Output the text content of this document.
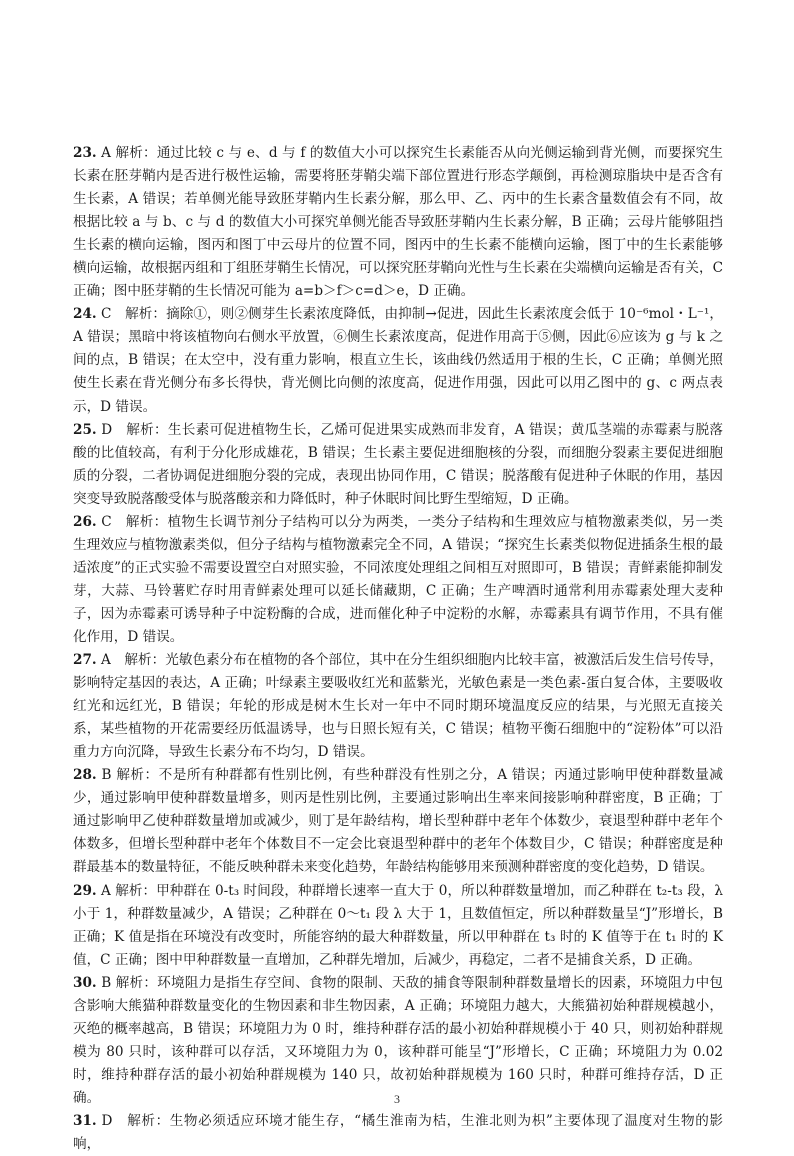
23. A 解析：通过比较 c 与 e、d 与 f 的数值大小可以探究生长素能否从向光侧运输到背光侧，而要探究生长素在胚芽鞘内是否进行极性运输，需要将胚芽鞘尖端下部位置进行形态学颠倒，再检测琼脂块中是否含有生长素，A 错误；若单侧光能导致胚芽鞘内生长素分解，那么甲、乙、丙中的生长素含量数值会有不同，故根据比较 a 与 b、c 与 d 的数值大小可探究单侧光能否导致胚芽鞘内生长素分解，B 正确；云母片能够阻挡生长素的横向运输，图丙和图丁中云母片的位置不同，图丙中的生长素不能横向运输，图丁中的生长素能够横向运输，故根据丙组和丁组胚芽鞘生长情况，可以探究胚芽鞘向光性与生长素在尖端横向运输是否有关，C 正确；图中胚芽鞘的生长情况可能为 a=b＞f＞c=d＞e，D 正确。

24. C　解析：摘除①，则②侧芽生长素浓度降低，由抑制→促进，因此生长素浓度会低于 10⁻⁶mol・L⁻¹，A 错误；黑暗中将该植物向右侧水平放置，⑥侧生长素浓度高，促进作用高于⑤侧，因此⑥应该为 g 与 k 之间的点，B 错误；在太空中，没有重力影响，根直立生长，该曲线仍然适用于根的生长，C 正确；单侧光照使生长素在背光侧分布多长得快，背光侧比向侧的浓度高，促进作用强，因此可以用乙图中的 g、c 两点表示，D 错误。

25. D　解析：生长素可促进植物生长，乙烯可促进果实成熟而非发育，A 错误；黄瓜茎端的赤霉素与脱落酸的比值较高，有利于分化形成雄花，B 错误；生长素主要促进细胞核的分裂，而细胞分裂素主要促进细胞质的分裂，二者协调促进细胞分裂的完成，表现出协同作用，C 错误；脱落酸有促进种子休眠的作用，基因突变导致脱落酸受体与脱落酸亲和力降低时，种子休眠时间比野生型缩短，D 正确。

26. C　解析：植物生长调节剂分子结构可以分为两类，一类分子结构和生理效应与植物激素类似，另一类生理效应与植物激素类似，但分子结构与植物激素完全不同，A 错误；“探究生长素类似物促进插条生根的最适浓度”的正式实验不需要设置空白对照实验，不同浓度处理组之间相互对照即可，B 错误；青鲜素能抑制发芽，大蒜、马铃薯贮存时用青鲜素处理可以延长储藏期，C 正确；生产啤酒时通常利用赤霉素处理大麦种子，因为赤霉素可诱导种子中淀粉酶的合成，进而催化种子中淀粉的水解，赤霉素具有调节作用，不具有催化作用，D 错误。

27. A　解析：光敏色素分布在植物的各个部位，其中在分生组织细胞内比较丰富，被激活后发生信号传导，影响特定基因的表达，A 正确；叶绿素主要吸收红光和蓝紫光，光敏色素是一类色素-蛋白复合体，主要吸收红光和远红光，B 错误；年轮的形成是树木生长对一年中不同时期环境温度反应的结果，与光照无直接关系，某些植物的开花需要经历低温诱导，也与日照长短有关，C 错误；植物平衡石细胞中的“淀粉体”可以沿重力方向沉降，导致生长素分布不均匀，D 错误。

28. B 解析：不是所有种群都有性别比例，有些种群没有性别之分，A 错误；丙通过影响甲使种群数量减少，通过影响甲使种群数量增多，则丙是性别比例，主要通过影响出生率来间接影响种群密度，B 正确；丁通过影响甲乙使种群数量增加或减少，则丁是年龄结构，增长型种群中老年个体数少，衰退型种群中老年个体数多，但增长型种群中老年个体数目不一定会比衰退型种群中的老年个体数目少，C 错误；种群密度是种群最基本的数量特征，不能反映种群未来变化趋势，年龄结构能够用来预测种群密度的变化趋势，D 错误。

29. A 解析：甲种群在 0-t₃ 时间段，种群增长速率一直大于 0，所以种群数量增加，而乙种群在 t₂-t₃ 段，λ 小于 1，种群数量减少，A 错误；乙种群在 0～t₁ 段 λ 大于 1，且数值恒定，所以种群数量呈“J”形增长，B 正确；K 值是指在环境没有改变时，所能容纳的最大种群数量，所以甲种群在 t₃ 时的 K 值等于在 t₁ 时的 K 值，C 正确；图中甲种群数量一直增加，乙种群先增加，后减少，再稳定，二者不是捕食关系，D 正确。

30. B 解析：环境阻力是指生存空间、食物的限制、天敌的捕食等限制种群数量增长的因素，环境阻力中包含影响大熊猫种群数量变化的生物因素和非生物因素，A 正确；环境阻力越大，大熊猫初始种群规模越小，灭绝的概率越高，B 错误；环境阻力为 0 时，维持种群存活的最小初始种群规模小于 40 只，则初始种群规模为 80 只时，该种群可以存活，又环境阻力为 0，该种群可能呈“J”形增长，C 正确；环境阻力为 0.02 时，维持种群存活的最小初始种群规模为 140 只，故初始种群规模为 160 只时，种群可维持存活，D 正确。

31. D　解析：生物必须适应环境才能生存，“橘生淮南为桔，生淮北则为枳”主要体现了温度对生物的影响，

3
